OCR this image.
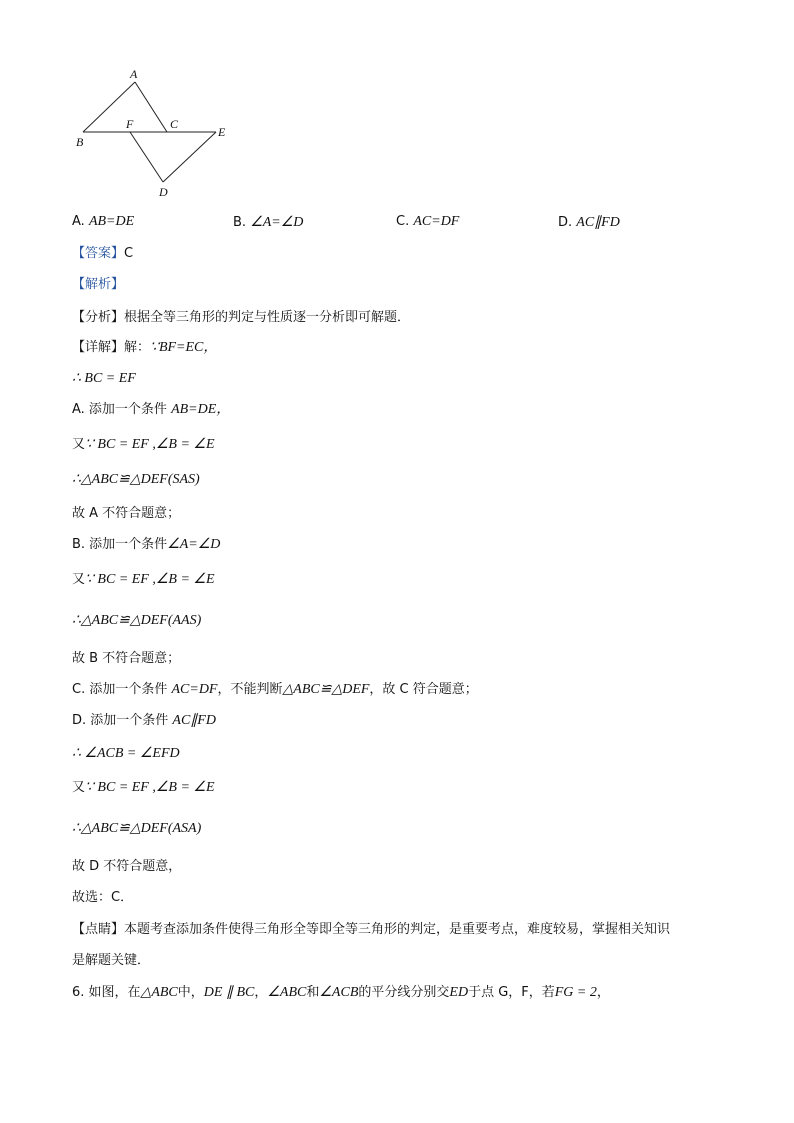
A
B
C
F
E
D
A. AB=DE	B. ∠A=∠D	C. AC=DF	D. AC∥FD
【答案】C
【解析】
【分析】根据全等三角形的判定与性质逐一分析即可解题．
【详解】解：∵BF=EC，
∴ BC = EF
A. 添加一个条件 AB=DE，
又∵ BC = EF ,∠B = ∠E
∴△ABC≌△DEF(SAS)
故 A 不符合题意；
B. 添加一个条件∠A=∠D
又∵ BC = EF ,∠B = ∠E
∴△ABC≌△DEF(AAS)
故 B 不符合题意；
C. 添加一个条件 AC=DF，不能判断△ABC≌△DEF，故 C 符合题意；
D. 添加一个条件 AC∥FD
∴ ∠ACB = ∠EFD
又∵ BC = EF ,∠B = ∠E
∴△ABC≌△DEF(ASA)
故 D 不符合题意，
故选：C．
【点睛】本题考查添加条件使得三角形全等即全等三角形的判定，是重要考点，难度较易，掌握相关知识
是解题关键．
6. 如图，在△ABC中，DE ∥ BC，∠ABC和∠ACB的平分线分别交ED于点 G，F，若FG = 2，
